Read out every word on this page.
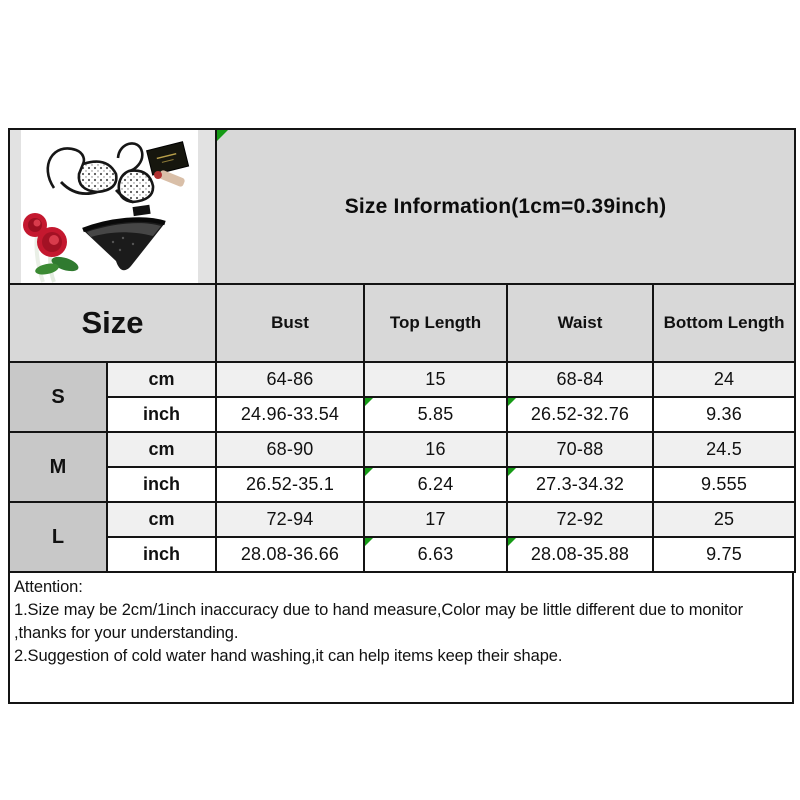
Size Information(1cm=0.39inch)			
Size		Bust	Top Length	Waist	Bottom Length
S	cm	64-86	15	68-84	24
	inch	24.96-33.54	5.85	26.52-32.76	9.36
M	cm	68-90	16	70-88	24.5
	inch	26.52-35.1	6.24	27.3-34.32	9.555
L	cm	72-94	17	72-92	25
	inch	28.08-36.66	6.63	28.08-35.88	9.75
Attention:
1.Size may be 2cm/1inch inaccuracy due to hand measure,Color may be little different due to monitor
,thanks for your understanding.
2.Suggestion of cold water hand washing,it can help items keep their shape.
